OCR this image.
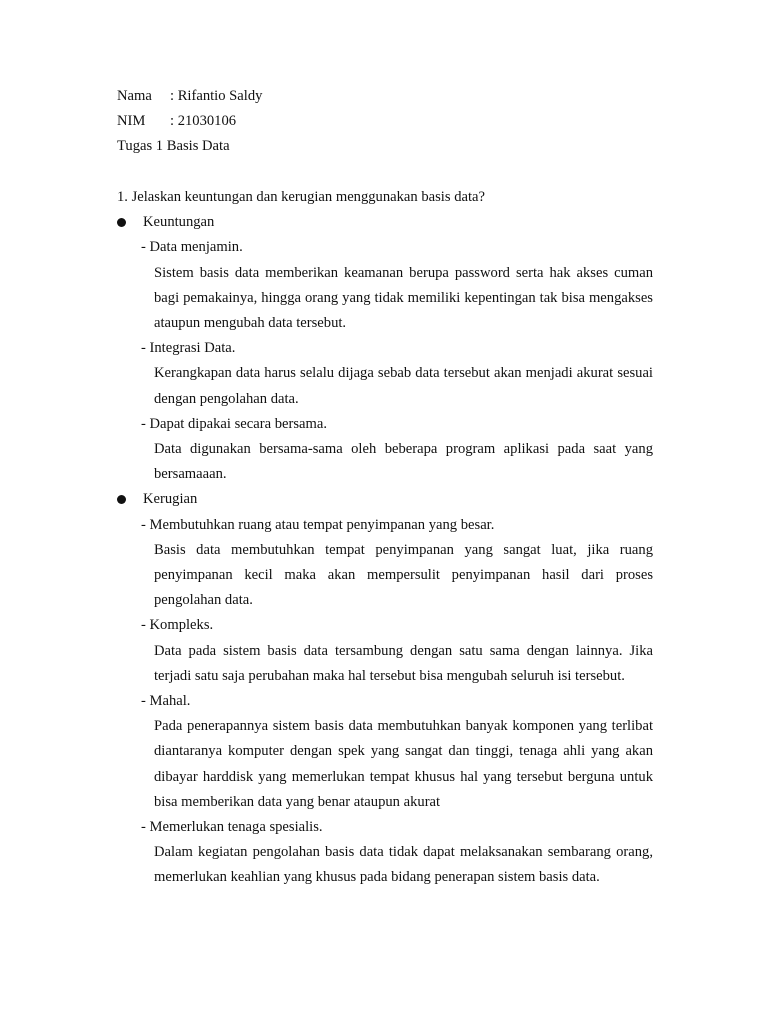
Nama	: Rifantio Saldy
NIM	: 21030106
Tugas 1 Basis Data
1. Jelaskan keuntungan dan kerugian menggunakan basis data?
Keuntungan
- Data menjamin.

Sistem basis data memberikan keamanan berupa password serta hak akses cuman bagi pemakainya, hingga orang yang tidak memiliki kepentingan tak bisa mengakses ataupun mengubah data tersebut.

- Integrasi Data.

Kerangkapan data harus selalu dijaga sebab data tersebut akan menjadi akurat sesuai dengan pengolahan data.

- Dapat dipakai secara bersama.

Data digunakan bersama-sama oleh beberapa program aplikasi pada saat yang bersamaaan.

Kerugian
- Membutuhkan ruang atau tempat penyimpanan yang besar.

Basis data membutuhkan tempat penyimpanan yang sangat luat, jika ruang penyimpanan kecil maka akan mempersulit penyimpanan hasil dari proses pengolahan data.

- Kompleks.

Data pada sistem basis data tersambung dengan satu sama dengan lainnya. Jika terjadi satu saja perubahan maka hal tersebut bisa mengubah seluruh isi tersebut.

- Mahal.

Pada penerapannya sistem basis data membutuhkan banyak komponen yang terlibat diantaranya komputer dengan spek yang sangat dan tinggi, tenaga ahli yang akan dibayar harddisk yang memerlukan tempat khusus hal yang tersebut berguna untuk bisa memberikan data yang benar ataupun akurat

- Memerlukan tenaga spesialis.

Dalam kegiatan pengolahan basis data tidak dapat melaksanakan sembarang orang, memerlukan keahlian yang khusus pada bidang penerapan sistem basis data.
